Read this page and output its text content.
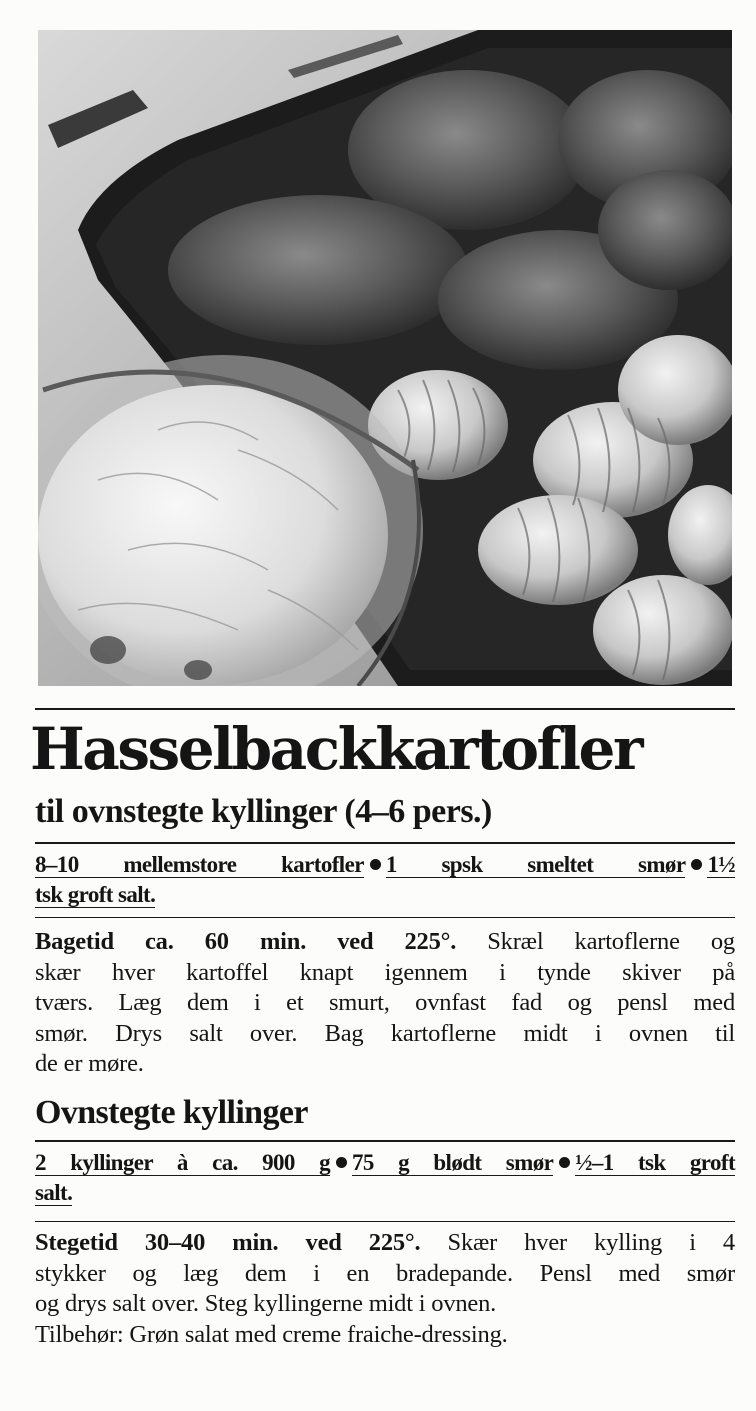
Hasselbackkartofler
til ovnstegte kyllinger (4–6 pers.)
8–10 mellemstore kartofler 1 spsk smeltet smør 1½
tsk groft salt.
Bagetid ca. 60 min. ved 225°. Skræl kartoflerne og
skær hver kartoffel knapt igennem i tynde skiver på
tværs. Læg dem i et smurt, ovnfast fad og pensl med
smør. Drys salt over. Bag kartoflerne midt i ovnen til
de er møre.
Ovnstegte kyllinger
2 kyllinger à ca. 900 g 75 g blødt smør ½–1 tsk groft
salt.
Stegetid 30–40 min. ved 225°. Skær hver kylling i 4
stykker og læg dem i en bradepande. Pensl med smør
og drys salt over. Steg kyllingerne midt i ovnen.
Tilbehør: Grøn salat med creme fraiche-dressing.
